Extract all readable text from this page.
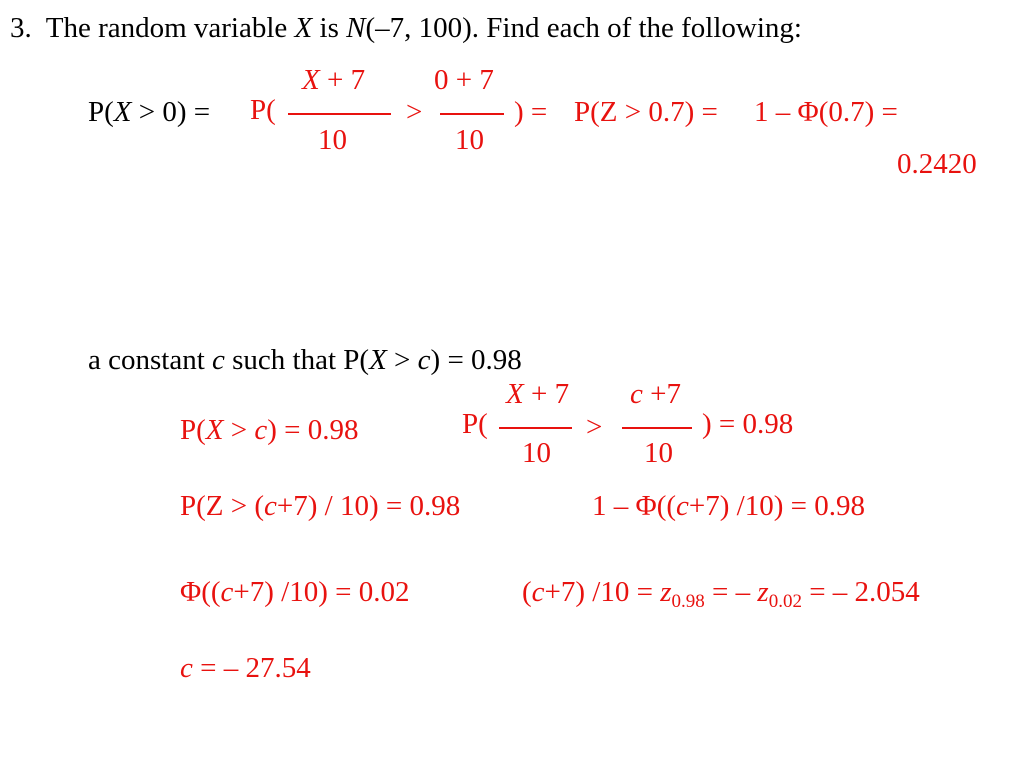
3. The random variable X is N(–7, 100). Find each of the following:
P(X > 0) = P(
X + 7
10
>
0 + 7
10
) = P(Z > 0.7) = 1 – Φ(0.7) =
0.2420
a constant c such that P(X > c) = 0.98
P(X > c) = 0.98	P(
X + 7
10
>
c +7
10
) = 0.98
P(Z > (c+7) / 10) = 0.98	1 – Φ((c+7) /10) = 0.98
Φ((c+7) /10) = 0.02	(c+7) $/10 = z_{0.98}$ = – $z_{0.02}$ = – 2.054
c = – 27.54
